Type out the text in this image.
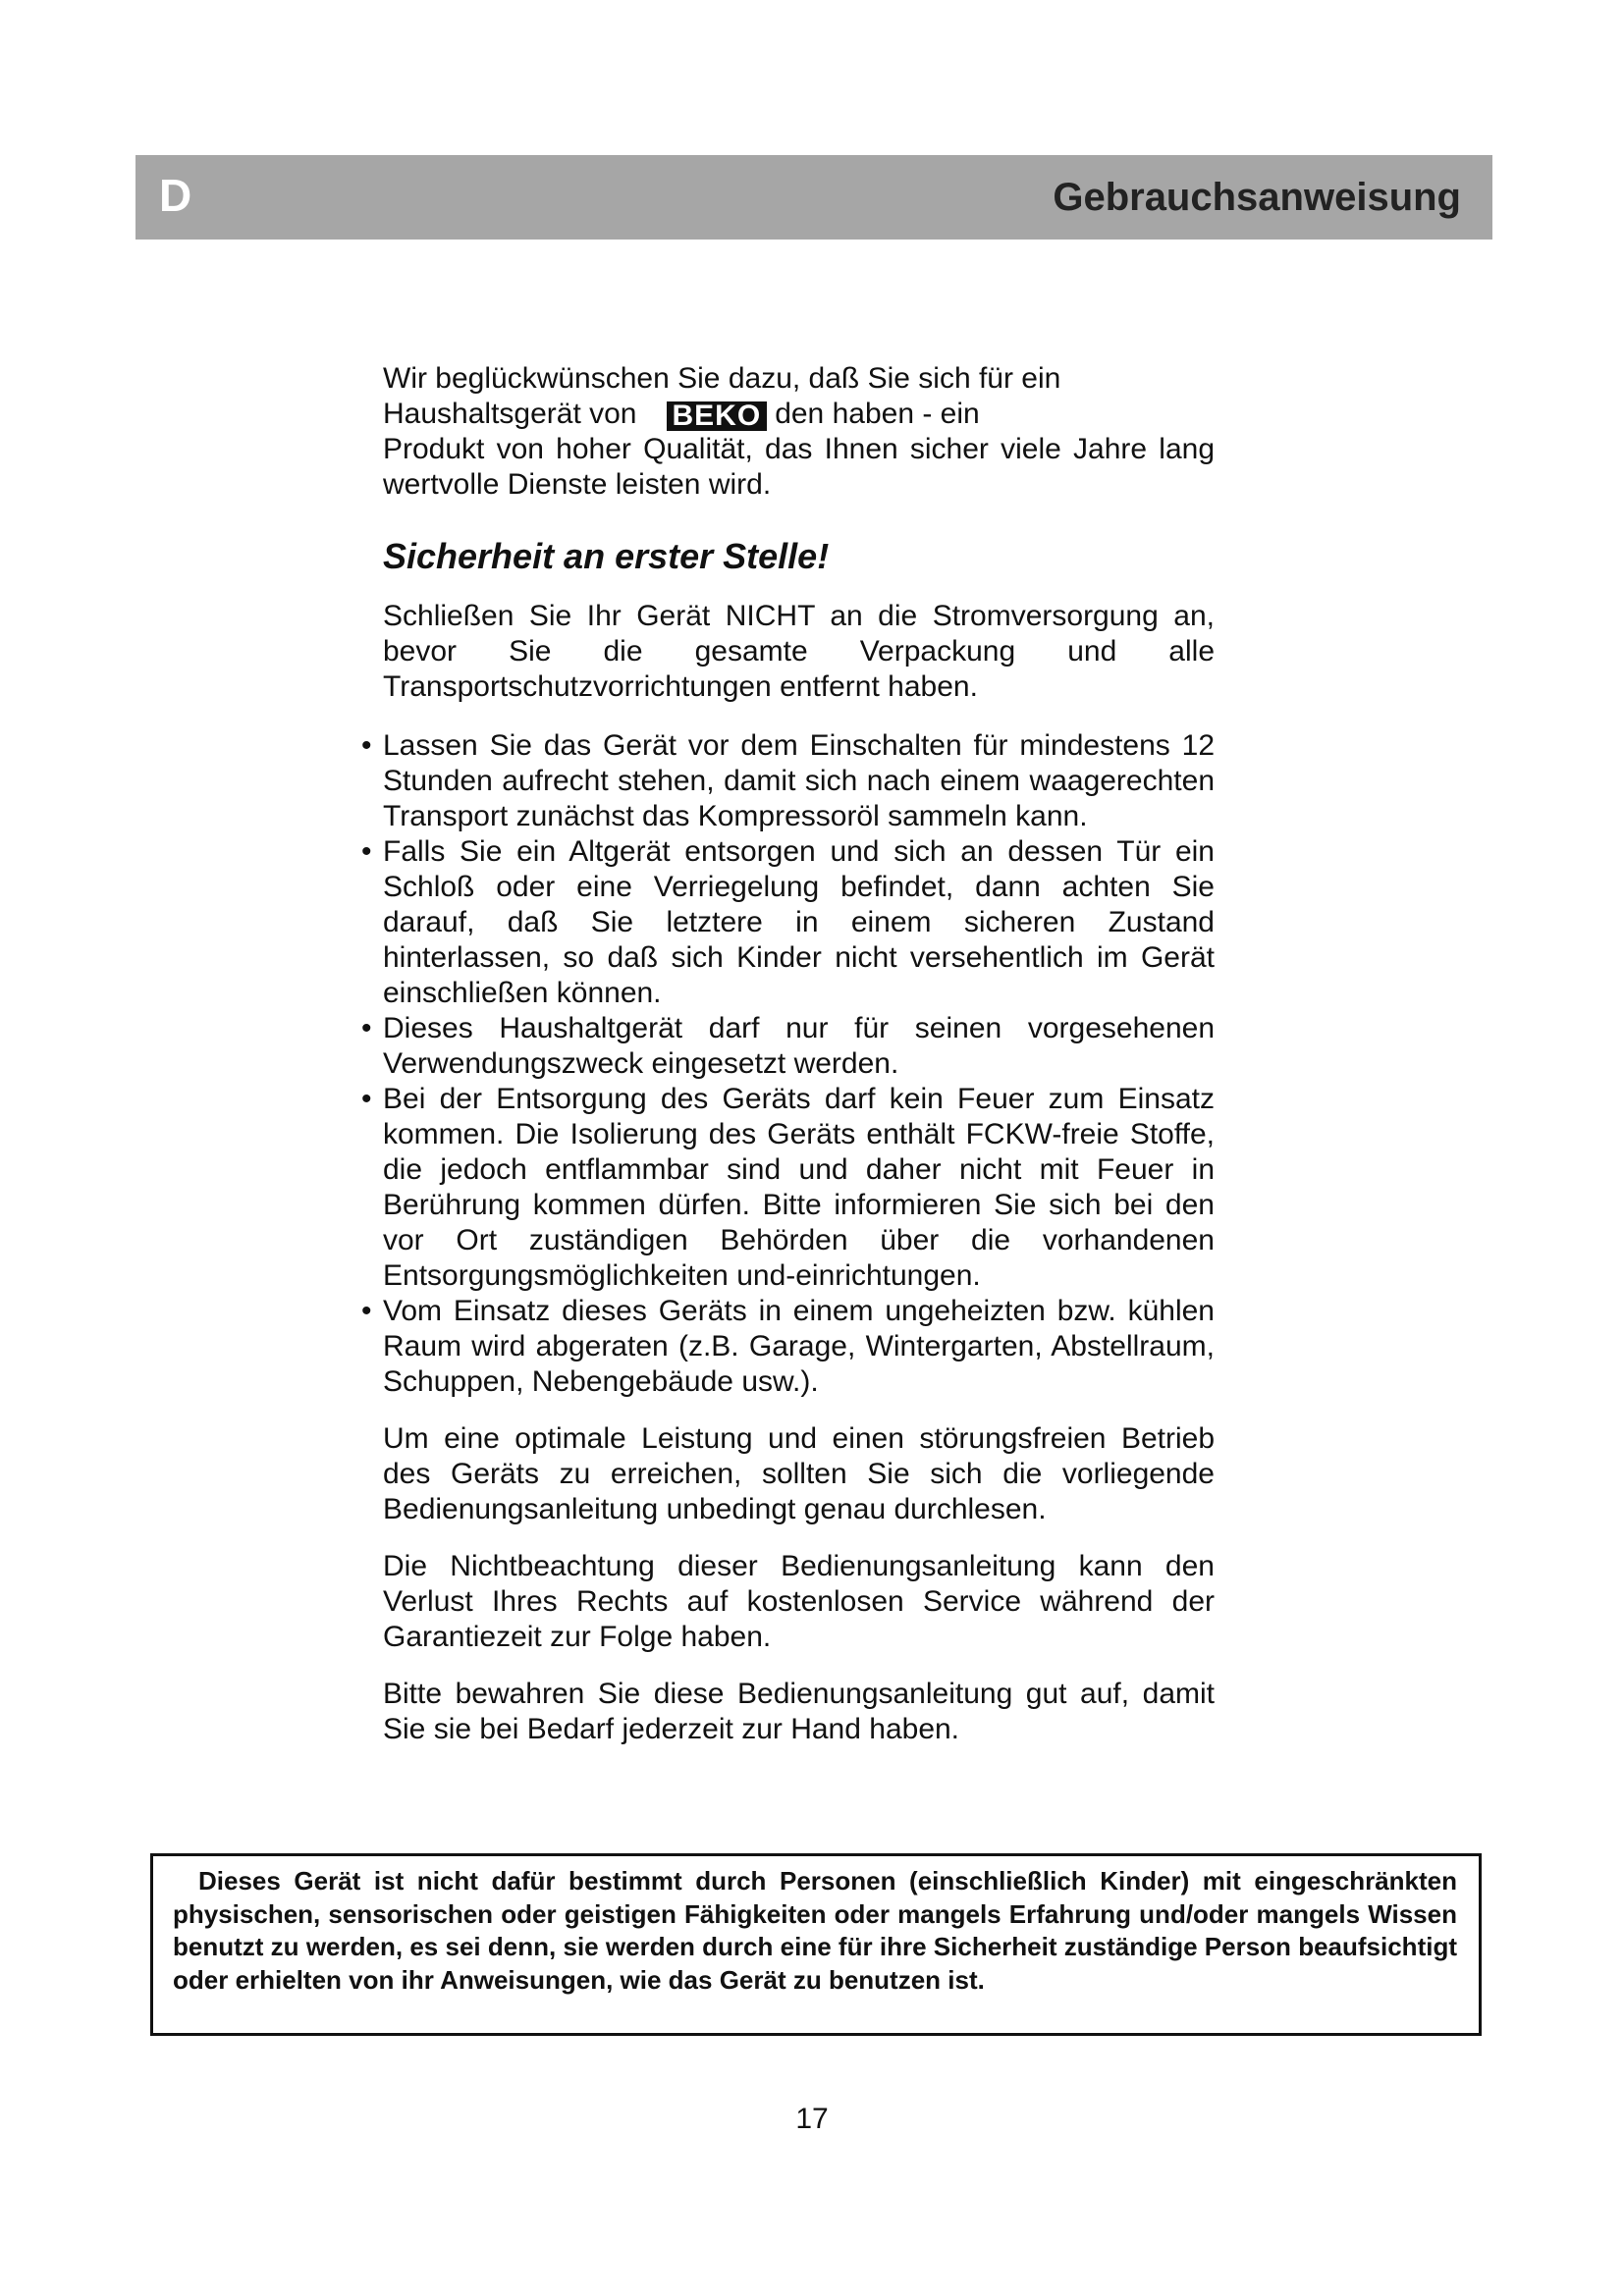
D	Gebrauchsanweisung

Wir beglückwünschen Sie dazu, daß Sie sich für ein
Haushaltsgerät von BEKO den haben - ein
Produkt von hoher Qualität, das Ihnen sicher viele Jahre lang wertvolle Dienste leisten wird.

Sicherheit an erster Stelle!

Schließen Sie Ihr Gerät NICHT an die Stromversorgung an, bevor Sie die gesamte Verpackung und alle Transportschutzvorrichtungen entfernt haben.

• Lassen Sie das Gerät vor dem Einschalten für mindestens 12 Stunden aufrecht stehen, damit sich nach einem waagerechten Transport zunächst das Kompressoröl sammeln kann.
• Falls Sie ein Altgerät entsorgen und sich an dessen Tür ein Schloß oder eine Verriegelung befindet, dann achten Sie darauf, daß Sie letztere in einem sicheren Zustand hinterlassen, so daß sich Kinder nicht versehentlich im Gerät einschließen können.
• Dieses Haushaltgerät darf nur für seinen vorgesehenen Verwendungszweck eingesetzt werden.
• Bei der Entsorgung des Geräts darf kein Feuer zum Einsatz kommen. Die Isolierung des Geräts enthält FCKW-freie Stoffe, die jedoch entflammbar sind und daher nicht mit Feuer in Berührung kommen dürfen. Bitte informieren Sie sich bei den vor Ort zuständigen Behörden über die vorhandenen Entsorgungsmöglichkeiten und-einrichtungen.
• Vom Einsatz dieses Geräts in einem ungeheizten bzw. kühlen Raum wird abgeraten (z.B. Garage, Wintergarten, Abstellraum, Schuppen, Nebengebäude usw.).

Um eine optimale Leistung und einen störungsfreien Betrieb des Geräts zu erreichen, sollten Sie sich die vorliegende Bedienungsanleitung unbedingt genau durchlesen.

Die Nichtbeachtung dieser Bedienungsanleitung kann den Verlust Ihres Rechts auf kostenlosen Service während der Garantiezeit zur Folge haben.

Bitte bewahren Sie diese Bedienungsanleitung gut auf, damit Sie sie bei Bedarf jederzeit zur Hand haben.

Dieses Gerät ist nicht dafür bestimmt durch Personen (einschließlich Kinder) mit eingeschränkten physischen, sensorischen oder geistigen Fähigkeiten oder mangels Erfahrung und/oder mangels Wissen benutzt zu werden, es sei denn, sie werden durch eine für ihre Sicherheit zuständige Person beaufsichtigt oder erhielten von ihr Anweisungen, wie das Gerät zu benutzen ist.

17
